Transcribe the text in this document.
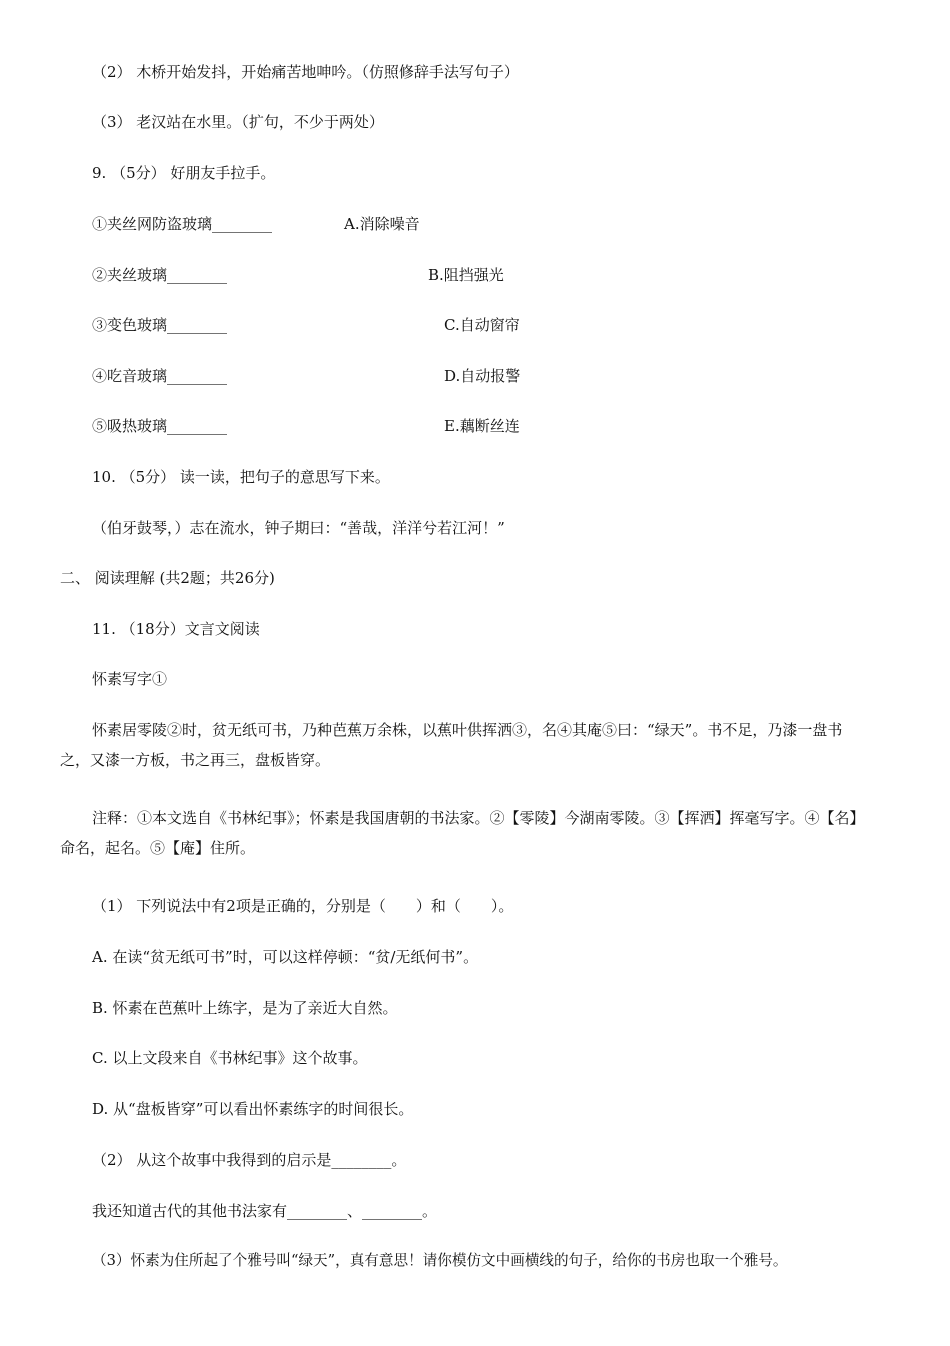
（2） 木桥开始发抖，开始痛苦地呻吟。（仿照修辞手法写句子）
（3） 老汉站在水里。（扩句，不少于两处）
9. （5分） 好朋友手拉手。
①夹丝网防盗玻璃________	A.消除噪音
②夹丝玻璃________	B.阻挡强光
③变色玻璃________	C.自动窗帘
④吃音玻璃________	D.自动报警
⑤吸热玻璃________	E.藕断丝连
10. （5分） 读一读，把句子的意思写下来。
（伯牙鼓琴，）志在流水，钟子期曰：“善哉，洋洋兮若江河！”
二、 阅读理解 (共2题；共26分)
11. （18分）文言文阅读
怀素写字①
怀素居零陵②时，贫无纸可书，乃种芭蕉万余株，以蕉叶供挥洒③，名④其庵⑤曰：“绿天”。书不足，乃漆一盘书之，又漆一方板，书之再三，盘板皆穿。
注释：①本文选自《书林纪事》；怀素是我国唐朝的书法家。②【零陵】今湖南零陵。③【挥洒】挥毫写字。④【名】命名，起名。⑤【庵】住所。
（1） 下列说法中有2项是正确的，分别是（　　）和（　　）。
A. 在读“贫无纸可书”时，可以这样停顿：“贫/无纸何书”。
B. 怀素在芭蕉叶上练字，是为了亲近大自然。
C. 以上文段来自《书林纪事》这个故事。
D. 从“盘板皆穿”可以看出怀素练字的时间很长。
（2） 从这个故事中我得到的启示是________。
我还知道古代的其他书法家有________、________。
（3）怀素为住所起了个雅号叫“绿天”，真有意思！请你模仿文中画横线的句子，给你的书房也取一个雅号。
